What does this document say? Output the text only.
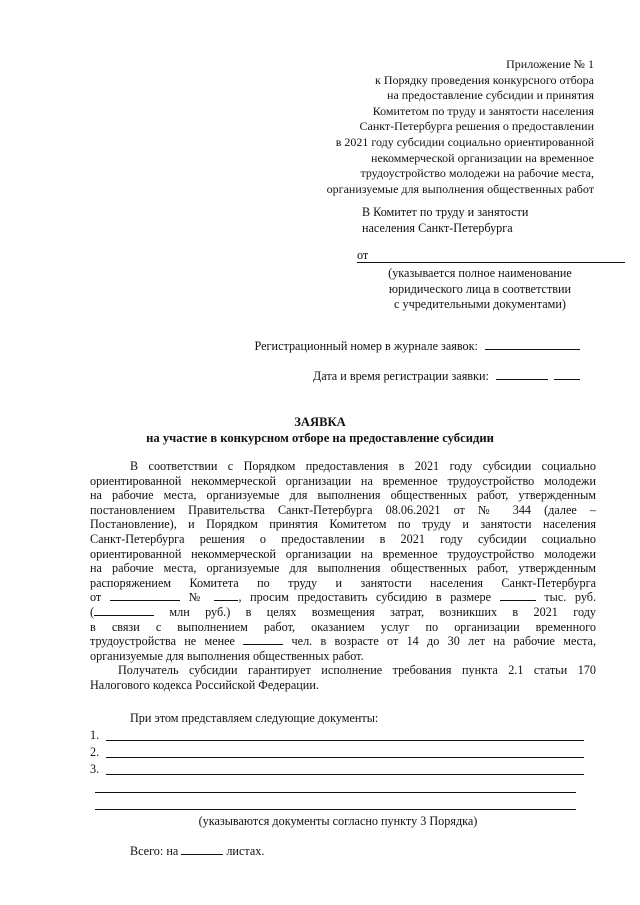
Приложение № 1
к Порядку проведения конкурсного отбора
на предоставление субсидии и принятия
Комитетом по труду и занятости населения
Санкт-Петербурга решения о предоставлении
в 2021 году субсидии социально ориентированной
некоммерческой организации на временное
трудоустройство молодежи на рабочие места,
организуемые для выполнения общественных работ
В Комитет по труду и занятости
населения Санкт-Петербурга
от
(указывается полное наименование
юридического лица в соответствии
с учредительными документами)
Регистрационный номер в журнале заявок:
Дата и время регистрации заявки:
ЗАЯВКА
на участие в конкурсном отборе на предоставление субсидии
В соответствии с Порядком предоставления в 2021 году субсидии социально
ориентированной некоммерческой организации на временное трудоустройство молодежи
на рабочие места, организуемые для выполнения общественных работ, утвержденным
постановлением Правительства Санкт-Петербурга 08.06.2021 от № 344 (далее –
Постановление), и Порядком принятия Комитетом по труду и занятости населения
Санкт-Петербурга решения о предоставлении в 2021 году субсидии социально
ориентированной некоммерческой организации на временное трудоустройство молодежи
на рабочие места, организуемые для выполнения общественных работ, утвержденным
распоряжением Комитета по труду и занятости населения Санкт-Петербурга
от	№	, просим предоставить субсидию в размере	тыс. руб.
(	млн руб.) в целях возмещения затрат, возникших в 2021 году
в связи с выполнением работ, оказанием услуг по организации временного
трудоустройства не менее	чел. в возрасте от 14 до 30 лет на рабочие места,
организуемые для выполнения общественных работ.
Получатель субсидии гарантирует исполнение требования пункта 2.1 статьи 170
Налогового кодекса Российской Федерации.
При этом представляем следующие документы:
1.
2.
3.
(указываются документы согласно пункту 3 Порядка)
Всего: на	листах.
